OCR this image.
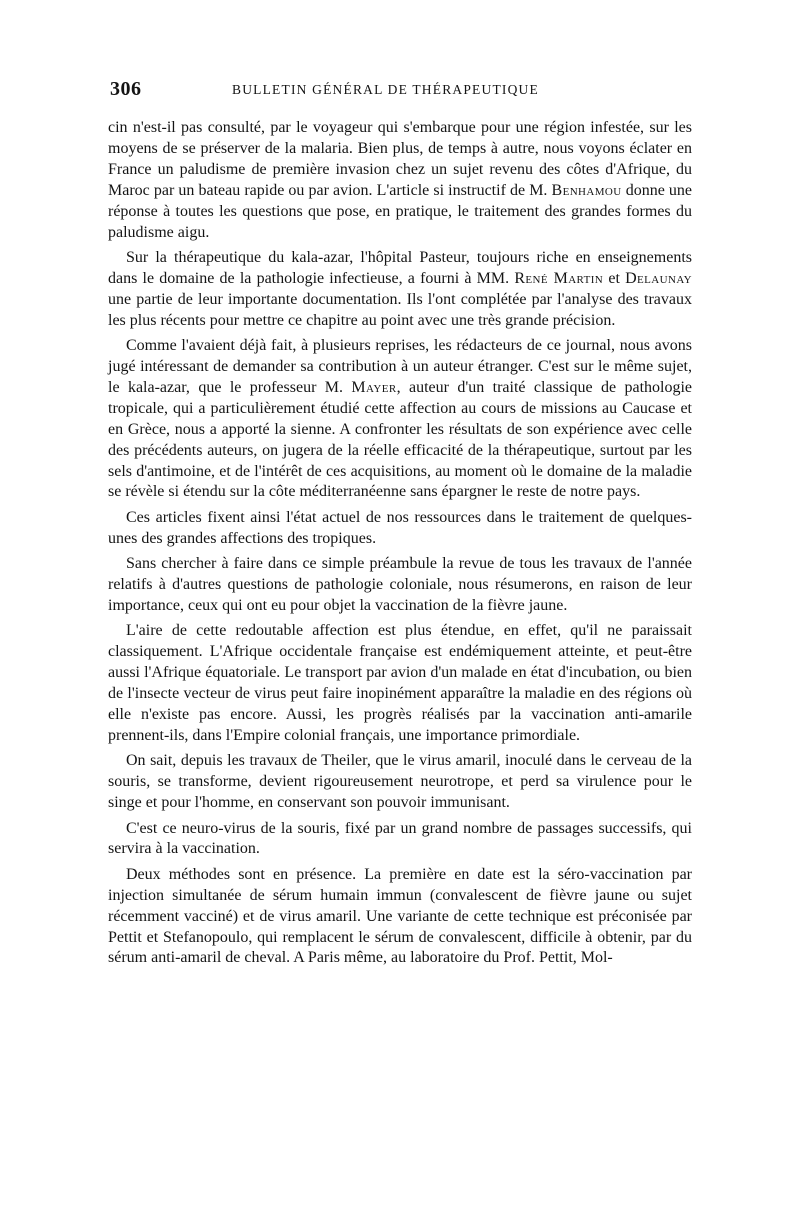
306	BULLETIN GÉNÉRAL DE THÉRAPEUTIQUE

cin n'est-il pas consulté, par le voyageur qui s'embarque pour une région infestée, sur les moyens de se préserver de la malaria. Bien plus, de temps à autre, nous voyons éclater en France un paludisme de première invasion chez un sujet revenu des côtes d'Afrique, du Maroc par un bateau rapide ou par avion. L'article si instructif de M. Benhamou donne une réponse à toutes les questions que pose, en pratique, le traitement des grandes formes du paludisme aigu.

Sur la thérapeutique du kala-azar, l'hôpital Pasteur, toujours riche en enseignements dans le domaine de la pathologie infectieuse, a fourni à MM. René Martin et Delaunay une partie de leur importante documentation. Ils l'ont complétée par l'analyse des travaux les plus récents pour mettre ce chapitre au point avec une très grande précision.

Comme l'avaient déjà fait, à plusieurs reprises, les rédacteurs de ce journal, nous avons jugé intéressant de demander sa contribution à un auteur étranger. C'est sur le même sujet, le kala-azar, que le professeur M. Mayer, auteur d'un traité classique de pathologie tropicale, qui a particulièrement étudié cette affection au cours de missions au Caucase et en Grèce, nous a apporté la sienne. A confronter les résultats de son expérience avec celle des précédents auteurs, on jugera de la réelle efficacité de la thérapeutique, surtout par les sels d'antimoine, et de l'intérêt de ces acquisitions, au moment où le domaine de la maladie se révèle si étendu sur la côte méditerranéenne sans épargner le reste de notre pays.

Ces articles fixent ainsi l'état actuel de nos ressources dans le traitement de quelques-unes des grandes affections des tropiques.

Sans chercher à faire dans ce simple préambule la revue de tous les travaux de l'année relatifs à d'autres questions de pathologie coloniale, nous résumerons, en raison de leur importance, ceux qui ont eu pour objet la vaccination de la fièvre jaune.

L'aire de cette redoutable affection est plus étendue, en effet, qu'il ne paraissait classiquement. L'Afrique occidentale française est endémiquement atteinte, et peut-être aussi l'Afrique équatoriale. Le transport par avion d'un malade en état d'incubation, ou bien de l'insecte vecteur de virus peut faire inopinément apparaître la maladie en des régions où elle n'existe pas encore. Aussi, les progrès réalisés par la vaccination anti-amarile prennent-ils, dans l'Empire colonial français, une importance primordiale.

On sait, depuis les travaux de Theiler, que le virus amaril, inoculé dans le cerveau de la souris, se transforme, devient rigoureusement neurotrope, et perd sa virulence pour le singe et pour l'homme, en conservant son pouvoir immunisant.

C'est ce neuro-virus de la souris, fixé par un grand nombre de passages successifs, qui servira à la vaccination.

Deux méthodes sont en présence. La première en date est la séro-vaccination par injection simultanée de sérum humain immun (convalescent de fièvre jaune ou sujet récemment vacciné) et de virus amaril. Une variante de cette technique est préconisée par Pettit et Stefanopoulo, qui remplacent le sérum de convalescent, difficile à obtenir, par du sérum anti-amaril de cheval. A Paris même, au laboratoire du Prof. Pettit, Mol-
